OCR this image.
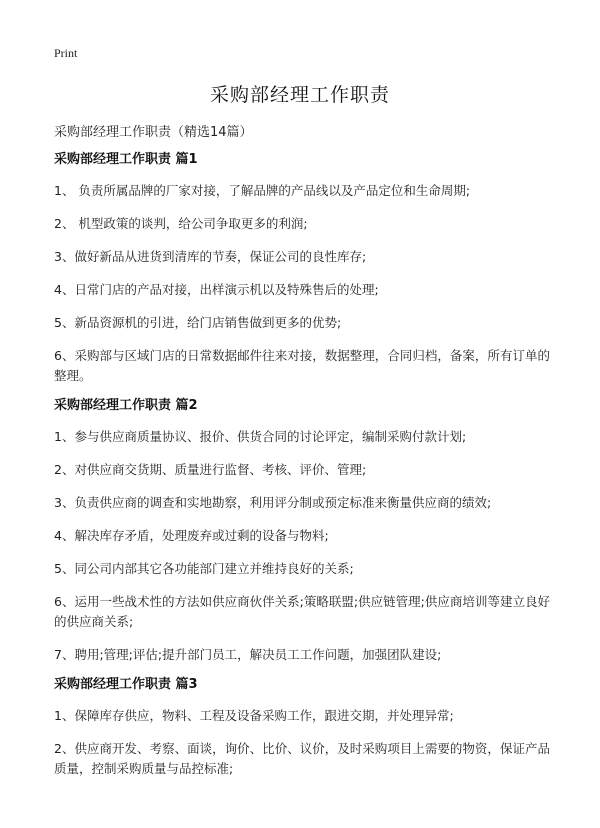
Print
采购部经理工作职责
采购部经理工作职责（精选14篇）
采购部经理工作职责 篇1
1、 负责所属品牌的厂家对接，了解品牌的产品线以及产品定位和生命周期;
2、 机型政策的谈判，给公司争取更多的利润;
3、做好新品从进货到清库的节奏，保证公司的良性库存;
4、日常门店的产品对接，出样演示机以及特殊售后的处理;
5、新品资源机的引进，给门店销售做到更多的优势;
6、采购部与区域门店的日常数据邮件往来对接，数据整理，合同归档，备案，所有订单的整理。
采购部经理工作职责 篇2
1、参与供应商质量协议、报价、供货合同的讨论评定，编制采购付款计划;
2、对供应商交货期、质量进行监督、考核、评价、管理;
3、负责供应商的调查和实地勘察，利用评分制或预定标准来衡量供应商的绩效;
4、解决库存矛盾，处理废弃或过剩的设备与物料;
5、同公司内部其它各功能部门建立并维持良好的关系;
6、运用一些战术性的方法如供应商伙伴关系;策略联盟;供应链管理;供应商培训等建立良好的供应商关系;
7、聘用;管理;评估;提升部门员工，解决员工工作问题，加强团队建设;
采购部经理工作职责 篇3
1、保障库存供应，物料、工程及设备采购工作，跟进交期，并处理异常;
2、供应商开发、考察、面谈，询价、比价、议价，及时采购项目上需要的物资，保证产品质量，控制采购质量与品控标准;
